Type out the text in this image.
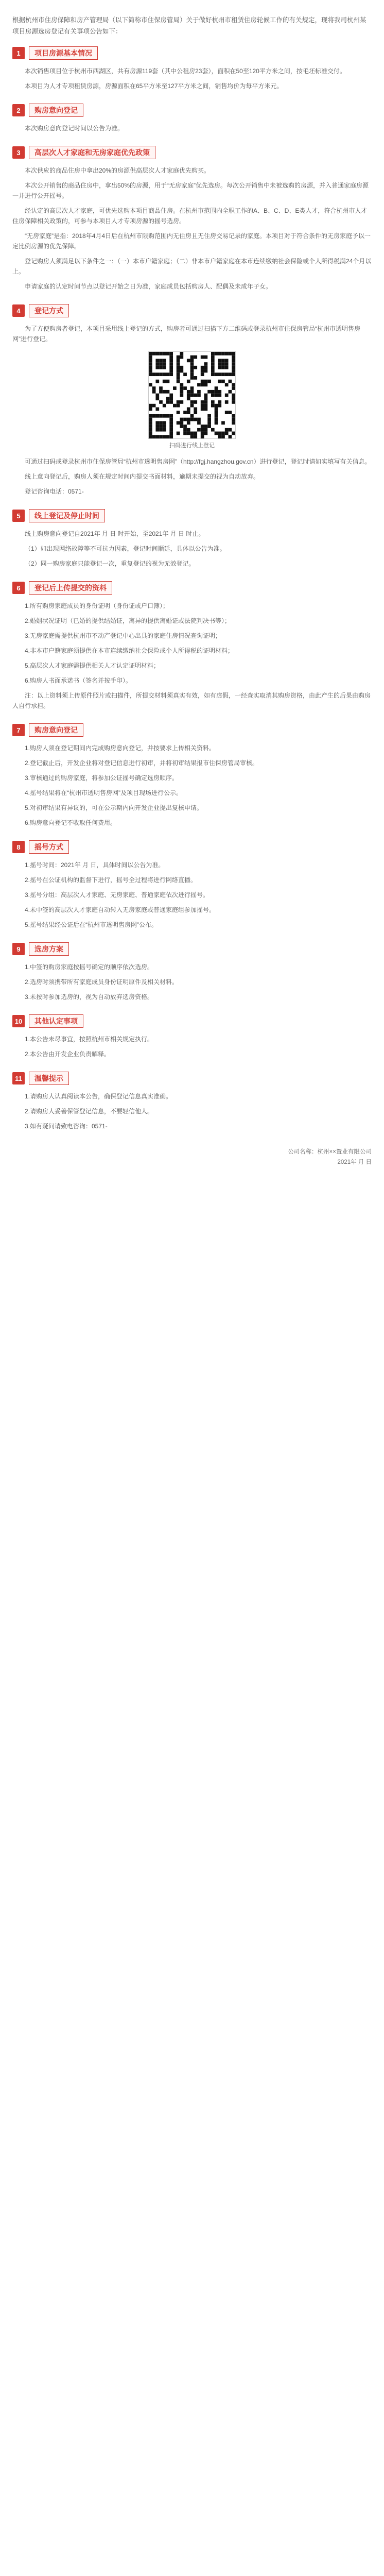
根据杭州市住房保障和房产管理局（以下简称市住保房管局）关于做好杭州市租赁住房轮候工作的有关规定，现将我司杭州某项目房源选房登记有关事项公告如下：

1	项目房源基本情况

本次销售项目位于杭州市西湖区，共有房源119套（其中公租房23套），面积在50至120平方米之间，按毛坯标准交付。

本项目为人才专项租赁房源，房源面积在65平方米至127平方米之间，销售均价为每平方米元。

2	购房意向登记

本次购房意向登记时间以公告为准。

3	高层次人才家庭和无房家庭优先政策

本次供应的商品住房中拿出20%的房源供高层次人才家庭优先购买。

本次公开销售的商品住房中，拿出50%的房源，用于“无房家庭”优先选房。每次公开销售中未被选购的房源，并入普通家庭房源一并进行公开摇号。

经认定的高层次人才家庭，可优先选购本项目商品住房。在杭州市范围内全职工作的A、B、C、D、E类人才，符合杭州市人才住房保障相关政策的，可参与本项目人才专项房源的摇号选房。

“无房家庭”是指：2018年4月4日后在杭州市限购范围内无住房且无住房交易记录的家庭。本项目对于符合条件的无房家庭予以一定比例房源的优先保障。

登记购房人须满足以下条件之一：（一）本市户籍家庭；（二）非本市户籍家庭在本市连续缴纳社会保险或个人所得税满24个月以上。

申请家庭的认定时间节点以登记开始之日为准，家庭成员包括购房人、配偶及未成年子女。

4	登记方式

为了方便购房者登记，本项目采用线上登记的方式，购房者可通过扫描下方二维码或登录杭州市住保房管局“杭州市透明售房网”进行登记。

扫码进行线上登记

可通过扫码或登录杭州市住保房管局“杭州市透明售房网”（http://fgj.hangzhou.gov.cn）进行登记，登记时请如实填写有关信息。

线上意向登记后，购房人须在规定时间内提交书面材料，逾期未提交的视为自动放弃。

登记咨询电话：0571-

5	线上登记及停止时间

线上购房意向登记自2021年 月 日 时开始，至2021年 月 日 时止。

（1）如出现网络故障等不可抗力因素，登记时间顺延，具体以公告为准。

（2）同一购房家庭只能登记一次，重复登记的视为无效登记。

6	登记后上传提交的资料

1.所有购房家庭成员的身份证明（身份证或户口簿）；

2.婚姻状况证明（已婚的提供结婚证，离异的提供离婚证或法院判决书等）；

3.无房家庭需提供杭州市不动产登记中心出具的家庭住房情况查询证明；

4.非本市户籍家庭须提供在本市连续缴纳社会保险或个人所得税的证明材料；

5.高层次人才家庭需提供相关人才认定证明材料；

6.购房人书面承诺书（签名并按手印）。

注：以上资料须上传原件照片或扫描件，所提交材料须真实有效，如有虚假，一经查实取消其购房资格，由此产生的后果由购房人自行承担。

7	购房意向登记

1.购房人须在登记期间内完成购房意向登记，并按要求上传相关资料。

2.登记截止后，开发企业将对登记信息进行初审，并将初审结果报市住保房管局审核。

3.审核通过的购房家庭，将参加公证摇号确定选房顺序。

4.摇号结果将在“杭州市透明售房网”及项目现场进行公示。

5.对初审结果有异议的，可在公示期内向开发企业提出复核申请。

6.购房意向登记不收取任何费用。

8	摇号方式

1.摇号时间：2021年 月 日，具体时间以公告为准。

2.摇号在公证机构的监督下进行，摇号全过程将进行网络直播。

3.摇号分组：高层次人才家庭、无房家庭、普通家庭依次进行摇号。

4.未中签的高层次人才家庭自动转入无房家庭或普通家庭组参加摇号。

5.摇号结果经公证后在“杭州市透明售房网”公布。

9	选房方案

1.中签的购房家庭按摇号确定的顺序依次选房。

2.选房时须携带所有家庭成员身份证明原件及相关材料。

3.未按时参加选房的，视为自动放弃选房资格。

10	其他认定事项

1.本公告未尽事宜，按照杭州市相关规定执行。

2.本公告由开发企业负责解释。

11	温馨提示

1.请购房人认真阅读本公告，确保登记信息真实准确。

2.请购房人妥善保管登记信息，不要轻信他人。

3.如有疑问请致电咨询：0571-

公司名称：杭州××置业有限公司
2021年 月 日
